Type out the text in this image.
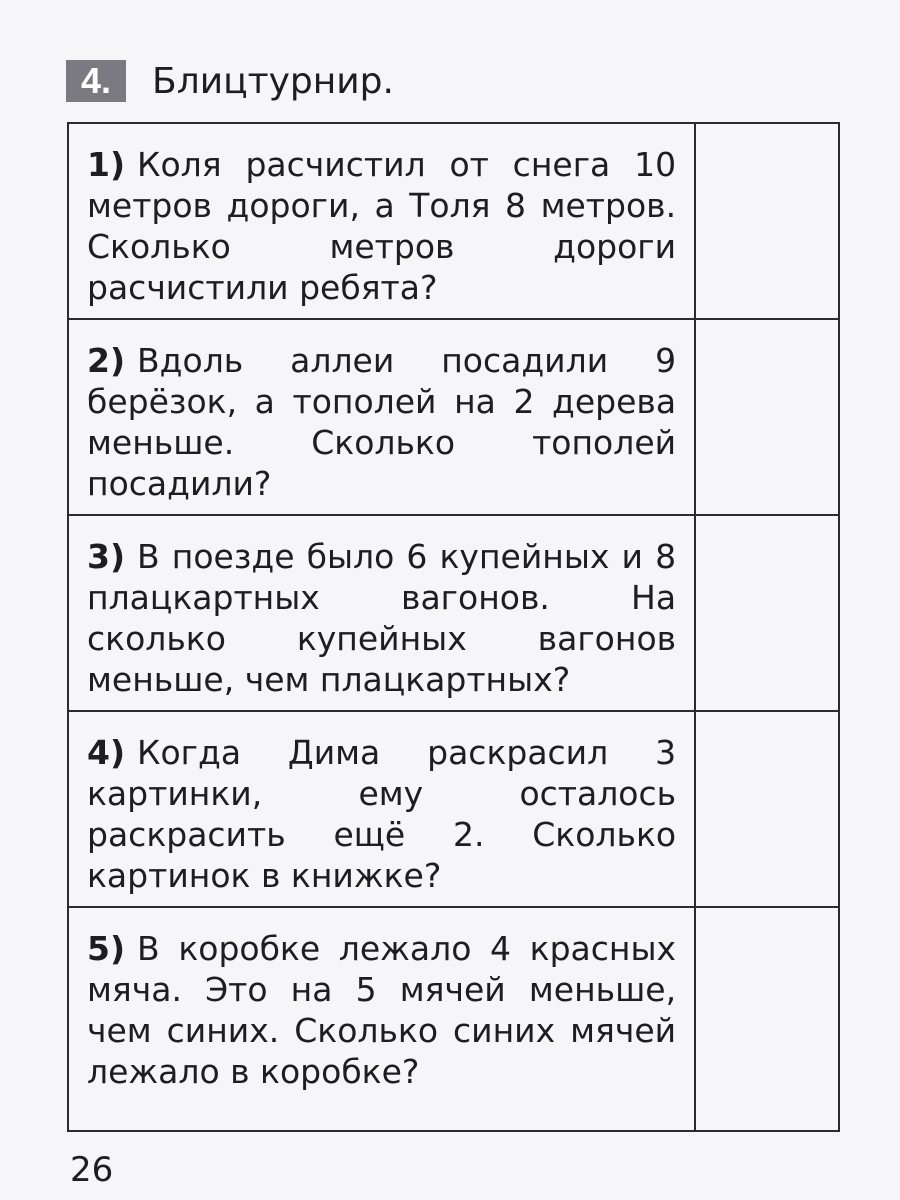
4.	Блицтурнир.
1) Коля расчистил от снега 10 метров дороги, а Толя 8 метров. Сколько метров дороги расчистили ребята?	
2) Вдоль аллеи посадили 9 берёзок, а тополей на 2 дерева меньше. Сколько тополей посадили?	
3) В поезде было 6 купейных и 8 плацкартных вагонов. На сколько купейных вагонов меньше, чем плацкартных?	
4) Когда Дима раскрасил 3 картинки, ему осталось раскрасить ещё 2. Сколько картинок в книжке?	
5) В коробке лежало 4 красных мяча. Это на 5 мячей меньше, чем синих. Сколько синих мячей лежало в коробке?	
26
